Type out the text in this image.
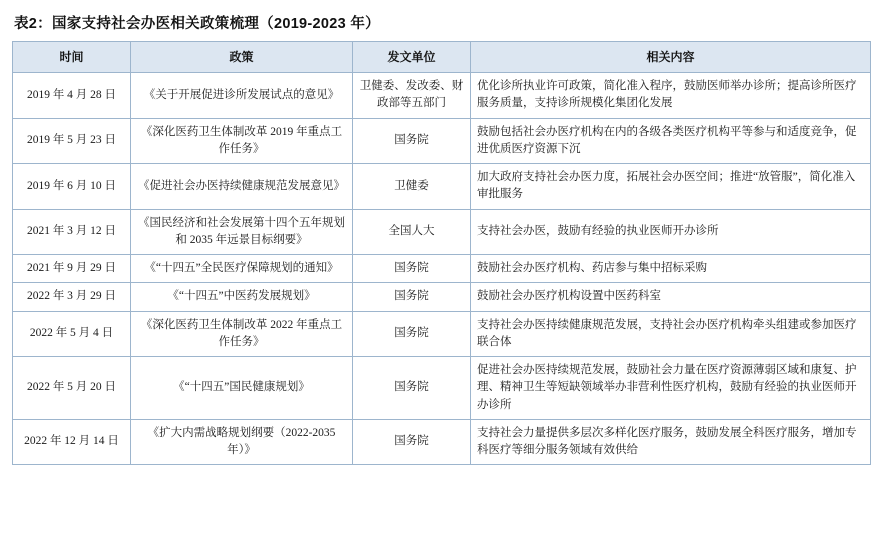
表2：国家支持社会办医相关政策梳理（2019-2023 年）
时间	政策	发文单位	相关内容
2019 年 4 月 28 日	《关于开展促进诊所发展试点的意见》	卫健委、发改委、财政部等五部门	优化诊所执业许可政策，简化准入程序，鼓励医师举办诊所；提高诊所医疗服务质量，支持诊所规模化集团化发展
2019 年 5 月 23 日	《深化医药卫生体制改革 2019 年重点工作任务》	国务院	鼓励包括社会办医疗机构在内的各级各类医疗机构平等参与和适度竞争，促进优质医疗资源下沉
2019 年 6 月 10 日	《促进社会办医持续健康规范发展意见》	卫健委	加大政府支持社会办医力度，拓展社会办医空间；推进“放管服”，简化准入审批服务
2021 年 3 月 12 日	《国民经济和社会发展第十四个五年规划和 2035 年远景目标纲要》	全国人大	支持社会办医，鼓励有经验的执业医师开办诊所
2021 年 9 月 29 日	《“十四五”全民医疗保障规划的通知》	国务院	鼓励社会办医疗机构、药店参与集中招标采购
2022 年 3 月 29 日	《“十四五”中医药发展规划》	国务院	鼓励社会办医疗机构设置中医药科室
2022 年 5 月 4 日	《深化医药卫生体制改革 2022 年重点工作任务》	国务院	支持社会办医持续健康规范发展，支持社会办医疗机构牵头组建或参加医疗联合体
2022 年 5 月 20 日	《“十四五”国民健康规划》	国务院	促进社会办医持续规范发展，鼓励社会力量在医疗资源薄弱区域和康复、护理、精神卫生等短缺领域举办非营利性医疗机构，鼓励有经验的执业医师开办诊所
2022 年 12 月 14 日	《扩大内需战略规划纲要（2022-2035 年）》	国务院	支持社会力量提供多层次多样化医疗服务，鼓励发展全科医疗服务，增加专科医疗等细分服务领域有效供给
